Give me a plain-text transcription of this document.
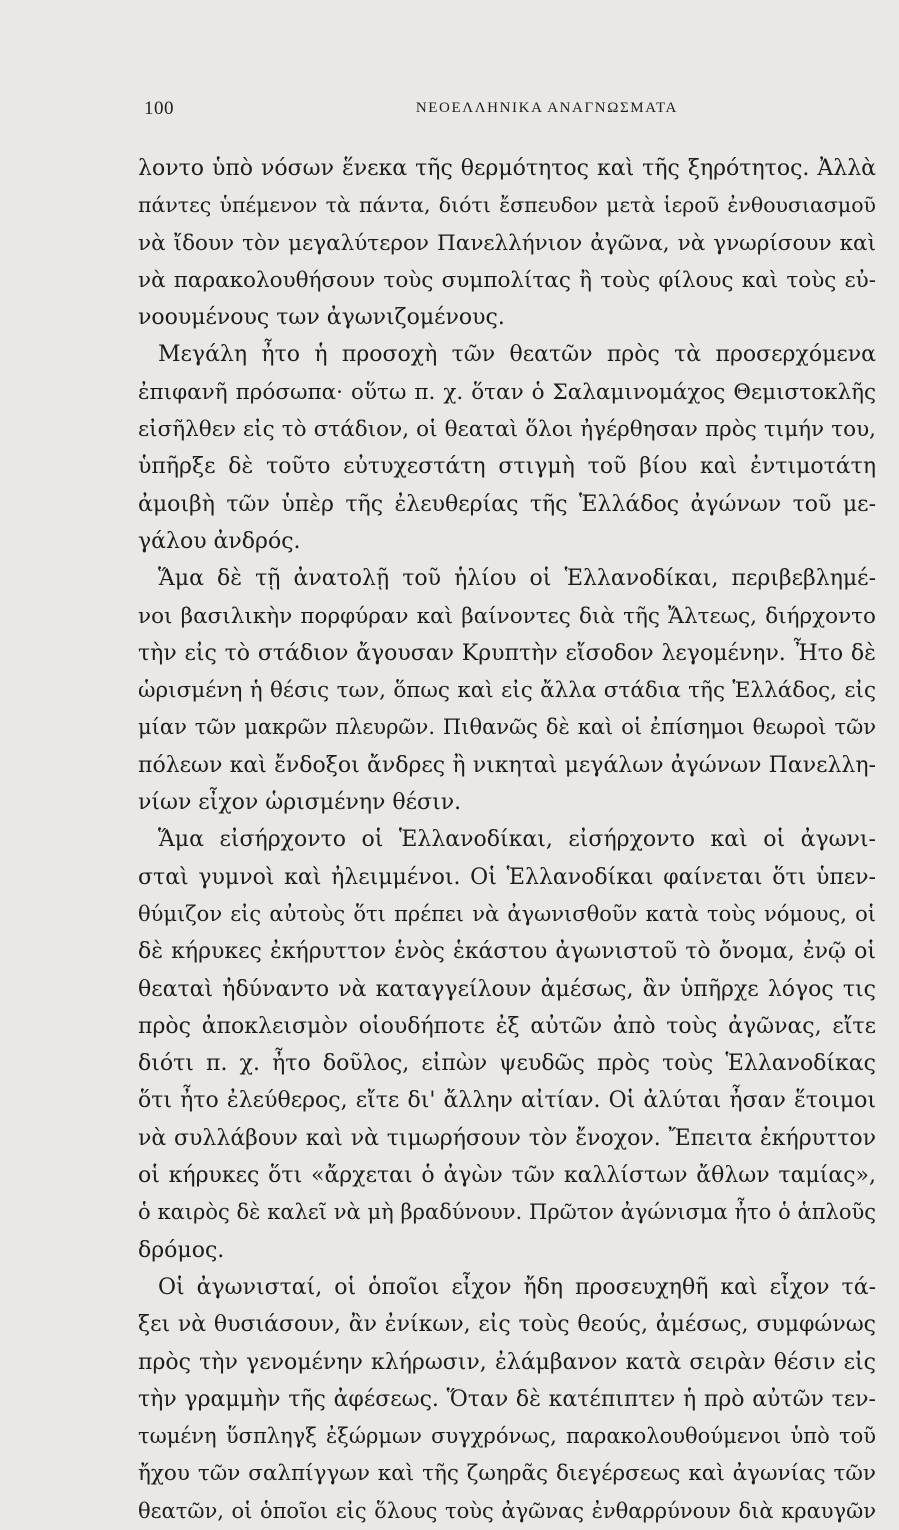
100	ΝΕΟΕΛΛΗΝΙΚΑ ΑΝΑΓΝΩΣΜΑΤΑ
λοντο ὑπὸ νόσων ἕνεκα τῆς θερμότητος καὶ τῆς ξηρότητος. Ἀλλὰ
πάντες ὑπέμενον τὰ πάντα, διότι ἔσπευδον μετὰ ἱεροῦ ἐνθουσιασμοῦ
νὰ ἴδουν τὸν μεγαλύτερον Πανελλήνιον ἀγῶνα, νὰ γνωρίσουν καὶ
νὰ παρακολουθήσουν τοὺς συμπολίτας ἢ τοὺς φίλους καὶ τοὺς εὐ-
νοουμένους των ἀγωνιζομένους.
Μεγάλη ἦτο ἡ προσοχὴ τῶν θεατῶν πρὸς τὰ προσερχόμενα
ἐπιφανῆ πρόσωπα· οὕτω π. χ. ὅταν ὁ Σαλαμινομάχος Θεμιστοκλῆς
εἰσῆλθεν εἰς τὸ στάδιον, οἱ θεαταὶ ὅλοι ἠγέρθησαν πρὸς τιμήν του,
ὑπῆρξε δὲ τοῦτο εὐτυχεστάτη στιγμὴ τοῦ βίου καὶ ἐντιμοτάτη
ἀμοιβὴ τῶν ὑπὲρ τῆς ἐλευθερίας τῆς Ἑλλάδος ἀγώνων τοῦ με-
γάλου ἀνδρός.
Ἅμα δὲ τῇ ἀνατολῇ τοῦ ἡλίου οἱ Ἑλλανοδίκαι, περιβεβλημέ-
νοι βασιλικὴν πορφύραν καὶ βαίνοντες διὰ τῆς Ἄλτεως, διήρχοντο
τὴν εἰς τὸ στάδιον ἄγουσαν Κρυπτὴν εἴσοδον λεγομένην. Ἦτο δὲ
ὡρισμένη ἡ θέσις των, ὅπως καὶ εἰς ἄλλα στάδια τῆς Ἑλλάδος, εἰς
μίαν τῶν μακρῶν πλευρῶν. Πιθανῶς δὲ καὶ οἱ ἐπίσημοι θεωροὶ τῶν
πόλεων καὶ ἔνδοξοι ἄνδρες ἢ νικηταὶ μεγάλων ἀγώνων Πανελλη-
νίων εἶχον ὡρισμένην θέσιν.
Ἅμα εἰσήρχοντο οἱ Ἑλλανοδίκαι, εἰσήρχοντο καὶ οἱ ἀγωνι-
σταὶ γυμνοὶ καὶ ἠλειμμένοι. Οἱ Ἑλλανοδίκαι φαίνεται ὅτι ὑπεν-
θύμιζον εἰς αὐτοὺς ὅτι πρέπει νὰ ἀγωνισθοῦν κατὰ τοὺς νόμους, οἱ
δὲ κήρυκες ἐκήρυττον ἑνὸς ἑκάστου ἀγωνιστοῦ τὸ ὄνομα, ἐνῷ οἱ
θεαταὶ ἠδύναντο νὰ καταγγείλουν ἀμέσως, ἂν ὑπῆρχε λόγος τις
πρὸς ἀποκλεισμὸν οἱουδήποτε ἐξ αὐτῶν ἀπὸ τοὺς ἀγῶνας, εἴτε
διότι π. χ. ἦτο δοῦλος, εἰπὼν ψευδῶς πρὸς τοὺς Ἑλλανοδίκας
ὅτι ἦτο ἐλεύθερος, εἴτε δι' ἄλλην αἰτίαν. Οἱ ἀλύται ἦσαν ἕτοιμοι
νὰ συλλάβουν καὶ νὰ τιμωρήσουν τὸν ἔνοχον. Ἔπειτα ἐκήρυττον
οἱ κήρυκες ὅτι «ἄρχεται ὁ ἀγὼν τῶν καλλίστων ἄθλων ταμίας»,
ὁ καιρὸς δὲ καλεῖ νὰ μὴ βραδύνουν. Πρῶτον ἀγώνισμα ἦτο ὁ ἁπλοῦς
δρόμος.
Οἱ ἀγωνισταί, οἱ ὁποῖοι εἶχον ἤδη προσευχηθῆ καὶ εἶχον τά-
ξει νὰ θυσιάσουν, ἂν ἐνίκων, εἰς τοὺς θεούς, ἀμέσως, συμφώνως
πρὸς τὴν γενομένην κλήρωσιν, ἐλάμβανον κατὰ σειρὰν θέσιν εἰς
τὴν γραμμὴν τῆς ἀφέσεως. Ὅταν δὲ κατέπιπτεν ἡ πρὸ αὐτῶν τεν-
τωμένη ὕσπληγξ ἐξώρμων συγχρόνως, παρακολουθούμενοι ὑπὸ τοῦ
ἤχου τῶν σαλπίγγων καὶ τῆς ζωηρᾶς διεγέρσεως καὶ ἀγωνίας τῶν
θεατῶν, οἱ ὁποῖοι εἰς ὅλους τοὺς ἀγῶνας ἐνθαρρύνουν διὰ κραυγῶν
